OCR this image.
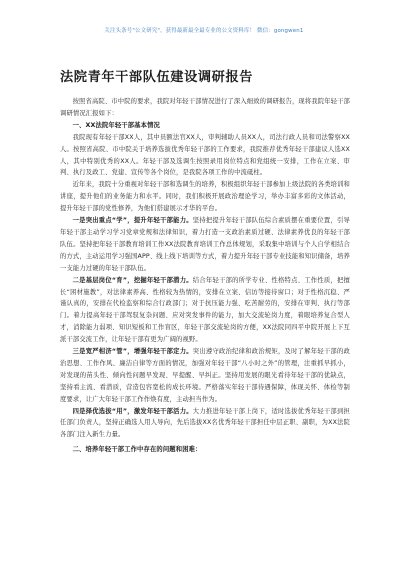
关注头条号"公文研究"，获得最新最全最专业的公文资料库！ 微信：gongwen1
法院青年干部队伍建设调研报告

按照省高院、市中院的要求，我院对年轻干部情况进行了深入细致的调研报告，现将我院年轻干部调研情况汇报如下：

一、XX法院年轻干部基本情况

我院现有年轻干部XX人，其中员额法官XX人，审判辅助人员XX人，司法行政人员和司法警察XX人。按照省高院、市中院关于培养选拔优秀年轻干部的工作要求，我院推荐优秀年轻干部建议人选XX人，其中特别优秀的XX人。年轻干部及选调生按照录用岗位特点和党组统一安排，工作在立案、审判、执行及政工、党建、宣传等各个岗位，是我院各项工作的中流砥柱。

近年来，我院十分重视对年轻干部和选调生的培养，积极组织年轻干部参加上级法院的各类培训和讲座，提升他们的业务能力和水平。同时，我们积极开展政治理论学习，举办丰富多彩的文体活动，提升年轻干部的党性修养，为他们搭建展示才华的平台。

一是突出重点“学”，提升年轻干部能力。坚持把提升年轻干部队伍综合素质摆在重要位置，引导年轻干部主动学习学习党章党规和法律知识，着力打造一支政治素质过硬、法律素养优良的年轻干部队伍。坚持把年轻干部教育培训工作XX法院教育培训工作总体规划，采取集中培训与个人自学相结合的方式，主动运用学习强国APP、线上线下培训等方式，着力提升年轻干部专业技能和知识储备，培养一支能力过硬的年轻干部队伍。

二是基层岗位“育”，挖掘年轻干部潜力。结合年轻干部的所学专业、性格特点、工作性质，把擅长“困材施教”，对法律素养高、性格较为热情的，安排在立案、信访等接待窗口；对于性格沉稳、严谨认真的，安排在代检监察和综合行政部门；对于抗压能力强、吃苦耐劳的，安排在审判、执行等部门。着力提高年轻干部驾驭复杂问题、应对突发事件的能力，加大交流轮岗力度，着眼培养复合型人才，消除能力弱项、知识短板和工作盲区，年轻干部交流轮岗的方便，XX法院同四平中院开展上下互派干部交流工作，让年轻干部有更为广阔的视野。

三是宽严相济“管”，增强年轻干部定力。突出遵守政治纪律和政治规矩，及时了解年轻干部的政治思想、工作作风、廉洁自律等方面的情况，加强对年轻干部“八小时之外”的管理，注重抓早抓小，对发现的苗头性、倾向性问题早发现、早提醒、早纠正。坚持用发展的眼光看待年轻干部的优缺点，坚持看主流、看潜质，营造包容宽松的成长环境。严格落实年轻干部待遇保障，体现关怀、体检等制度要求，让广大年轻干部工作作焕有度，主动担当作为。

四是择优选拔“用”，激发年轻干部活力。大力推进年轻干部上岗下，适时选拔优秀年轻干部到担任部门负责人，坚持正确选人用人导向，先后选拔XX名优秀年轻干部担任中层正职、副职，为XX法院各部门注入新生力量。

二、培养年轻干部工作中存在的问题和困难：
